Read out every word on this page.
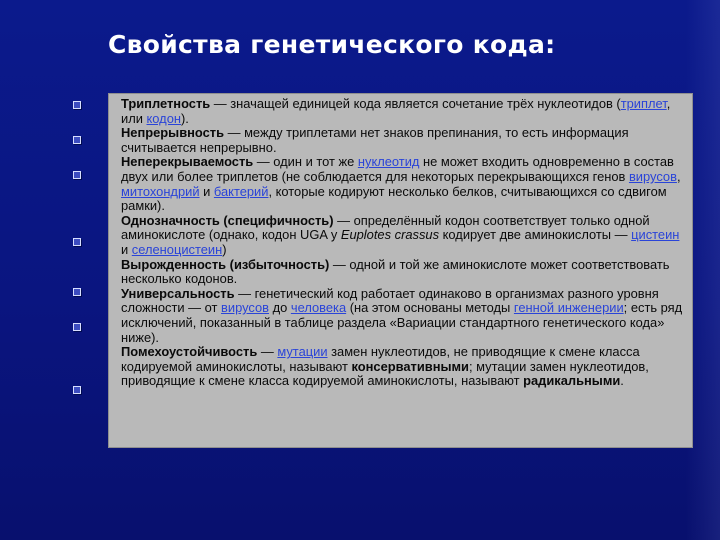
Свойства генетического кода:
Триплетность — значащей единицей кода является сочетание трёх нуклеотидов (триплет, или кодон).
Непрерывность — между триплетами нет знаков препинания, то есть информация считывается непрерывно.
Неперекрываемость — один и тот же нуклеотид не может входить одновременно в состав двух или более триплетов (не соблюдается для некоторых перекрывающихся генов вирусов, митохондрий и бактерий, которые кодируют несколько белков, считывающихся со сдвигом рамки).
Однозначность (специфичность) — определённый кодон соответствует только одной аминокислоте (однако, кодон UGA у Euplotes crassus кодирует две аминокислоты — цистеин и селеноцистеин)
Вырожденность (избыточность) — одной и той же аминокислоте может соответствовать несколько кодонов.
Универсальность — генетический код работает одинаково в организмах разного уровня сложности — от вирусов до человека (на этом основаны методы генной инженерии; есть ряд исключений, показанный в таблице раздела «Вариации стандартного генетического кода» ниже).
Помехоустойчивость — мутации замен нуклеотидов, не приводящие к смене класса кодируемой аминокислоты, называют консервативными; мутации замен нуклеотидов, приводящие к смене класса кодируемой аминокислоты, называют радикальными.
